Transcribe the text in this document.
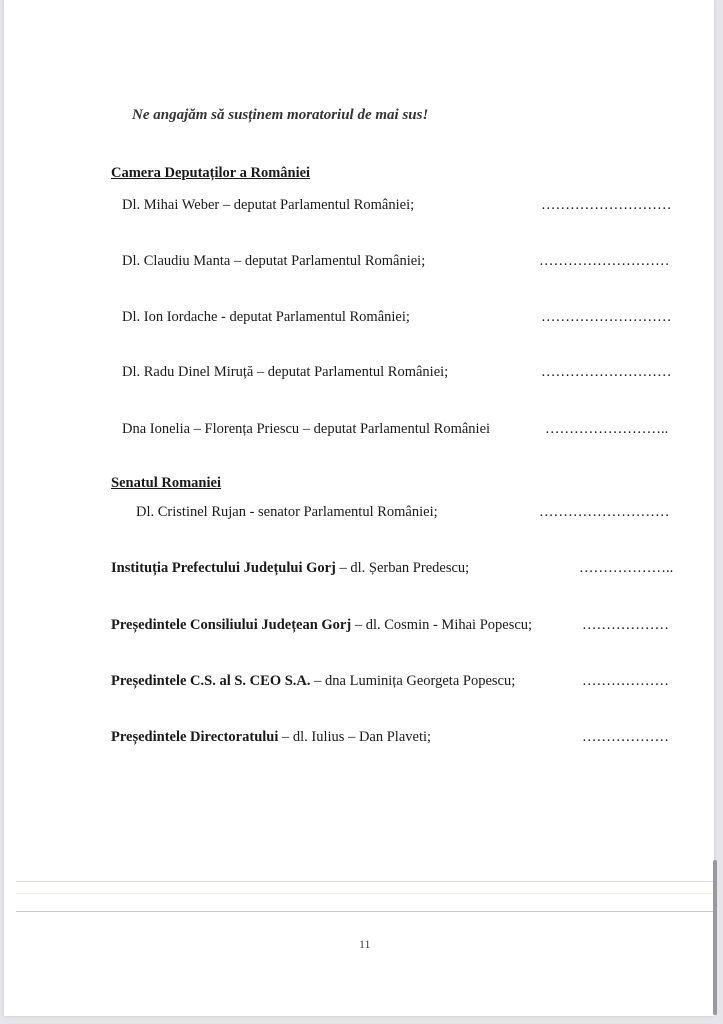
Ne angajăm să susținem moratoriul de mai sus!
Camera Deputaților a României
Dl. Mihai Weber – deputat Parlamentul României;	………………………
Dl. Claudiu Manta – deputat Parlamentul României;	………………………
Dl. Ion Iordache - deputat Parlamentul României;	………………………
Dl. Radu Dinel Miruță – deputat Parlamentul României;	………………………
Dna Ionelia – Florența Priescu – deputat Parlamentul României	……………………..
Senatul Romaniei
Dl. Cristinel Rujan - senator Parlamentul României;	………………………
Instituția Prefectului Județului Gorj – dl. Șerban Predescu;	………………..
Președintele Consiliului Județean Gorj – dl. Cosmin - Mihai Popescu;	………………
Președintele C.S. al S. CEO S.A. – dna Luminița Georgeta Popescu;	………………
Președintele Directoratului – dl. Iulius – Dan Plaveti;	………………
11
